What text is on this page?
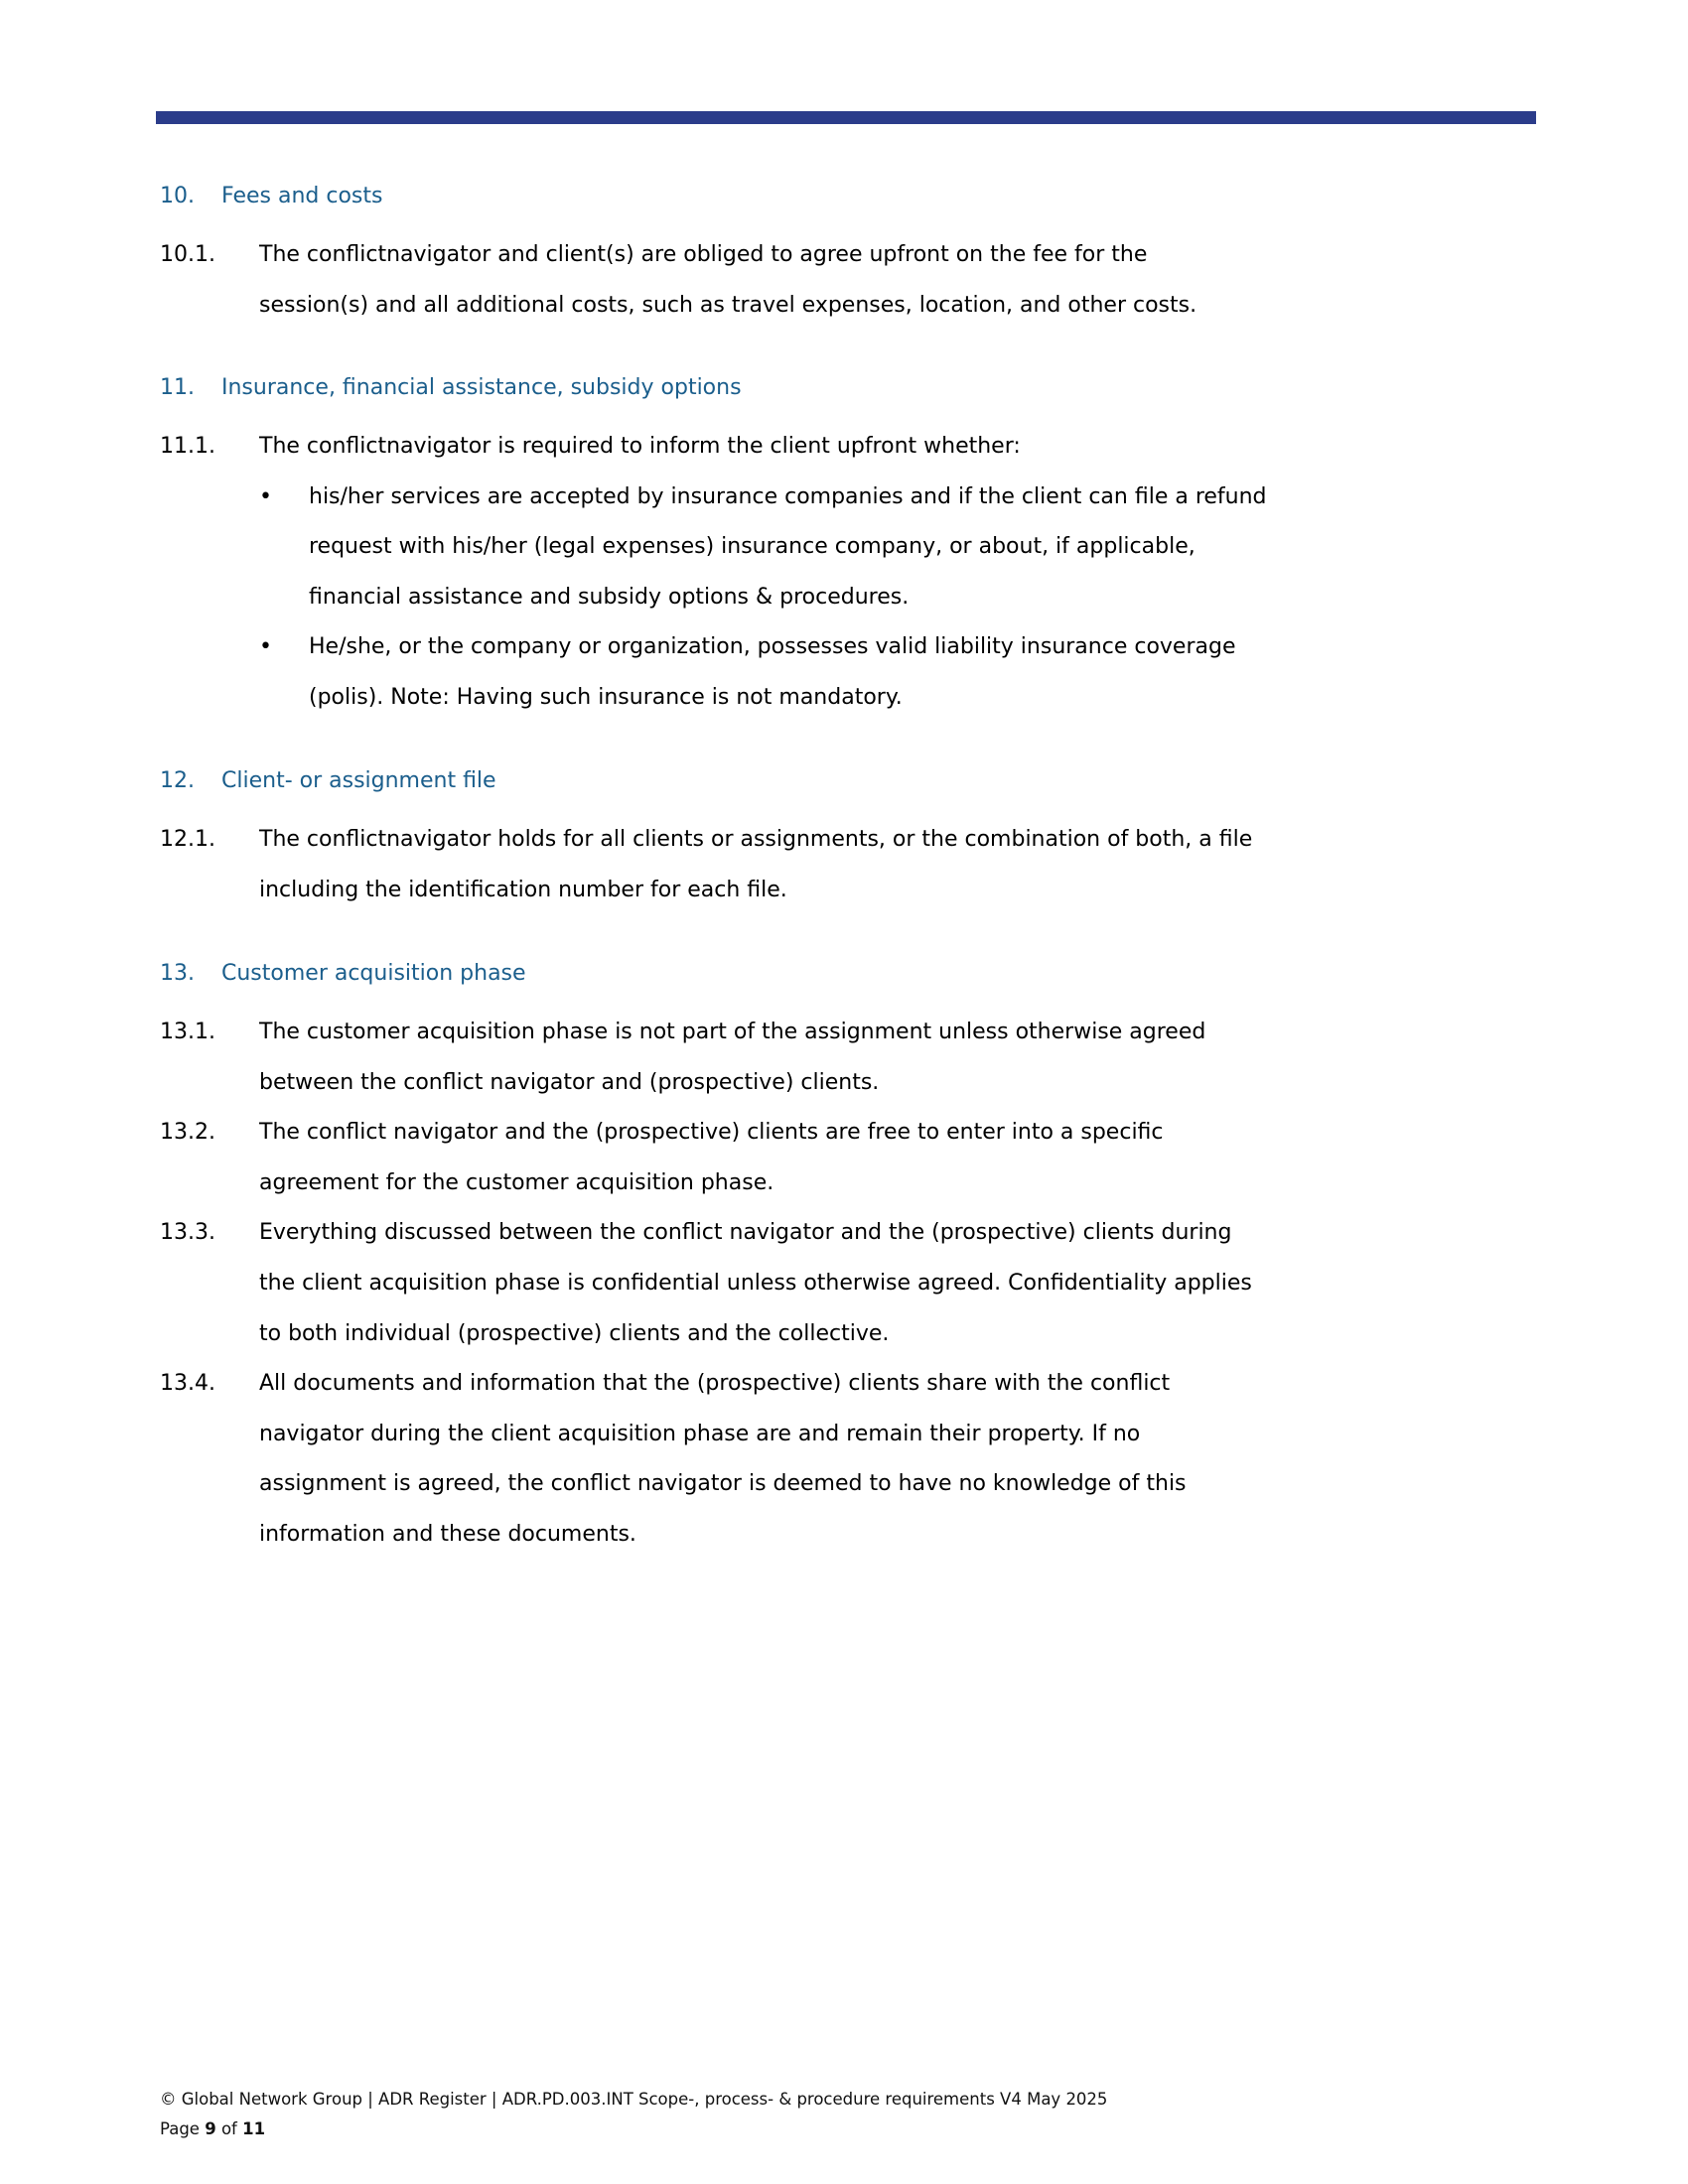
10. Fees and costs
10.1. The conflictnavigator and client(s) are obliged to agree upfront on the fee for the
session(s) and all additional costs, such as travel expenses, location, and other costs.
11. Insurance, financial assistance, subsidy options
11.1. The conflictnavigator is required to inform the client upfront whether:
• his/her services are accepted by insurance companies and if the client can file a refund
request with his/her (legal expenses) insurance company, or about, if applicable,
financial assistance and subsidy options & procedures.
• He/she, or the company or organization, possesses valid liability insurance coverage
(polis). Note: Having such insurance is not mandatory.
12. Client- or assignment file
12.1. The conflictnavigator holds for all clients or assignments, or the combination of both, a file
including the identification number for each file.
13. Customer acquisition phase
13.1. The customer acquisition phase is not part of the assignment unless otherwise agreed
between the conflict navigator and (prospective) clients.
13.2. The conflict navigator and the (prospective) clients are free to enter into a specific
agreement for the customer acquisition phase.
13.3. Everything discussed between the conflict navigator and the (prospective) clients during
the client acquisition phase is confidential unless otherwise agreed. Confidentiality applies
to both individual (prospective) clients and the collective.
13.4. All documents and information that the (prospective) clients share with the conflict
navigator during the client acquisition phase are and remain their property. If no
assignment is agreed, the conflict navigator is deemed to have no knowledge of this
information and these documents.
© Global Network Group | ADR Register | ADR.PD.003.INT Scope-, process- & procedure requirements V4 May 2025
Page 9 of 11
